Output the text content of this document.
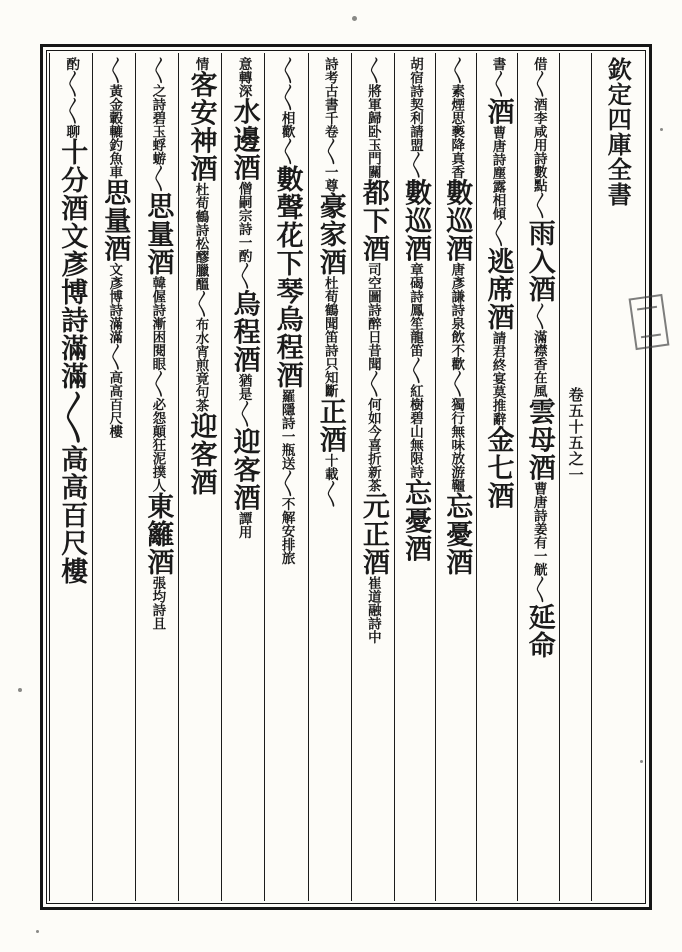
欽定四庫全書
卷五十五之一
借〳〵酒李咸用詩數點〳〵雨入酒〳〵滿襟香在風雲母酒曹唐詩姜有一觥〳〵延命
書〳〵酒曹唐詩塵露相傾〳〵逃席酒請君終宴莫推辭金七酒
〳〵素煙思褻降真香數巡酒唐彥謙詩泉飲不歡〳〵獨行無味放游韁忘憂酒
胡宿詩契利請盟〳〵數巡酒章碣詩鳳笙龍笛〳〵紅樹碧山無限詩忘憂酒
〳〵將軍歸卧玉門關都下酒司空圖詩醉日昔聞〳〵何如今喜折新茶元正酒崔道融詩中
詩考古書千卷〳〵一尊豪家酒杜荀鶴聞笛詩只知斷正酒十載〳〵
〳〵〳〵相歡〳〵數聲花下琴烏程酒羅隱詩一瓶送〳〵不解安排旅
意轉深水邊酒僧嗣宗詩一酌〳〵烏程酒猶是〳〵迎客酒譚用
情客安神酒杜荀鶴詩松醪臘醞〳〵布水宵煎竟句茶迎客酒
〳〵之詩碧玉蜉蝣〳〵思量酒韓偓詩漸困閱眼〳〵必怨顛狂泥撲人東籬酒張均詩且
〳〵黃金轂轆釣魚車思量酒文彥博詩滿滿〳〵高高百尺樓
酌〳〵〳〵聊十分酒文彥博詩滿滿〳〵高高百尺樓
